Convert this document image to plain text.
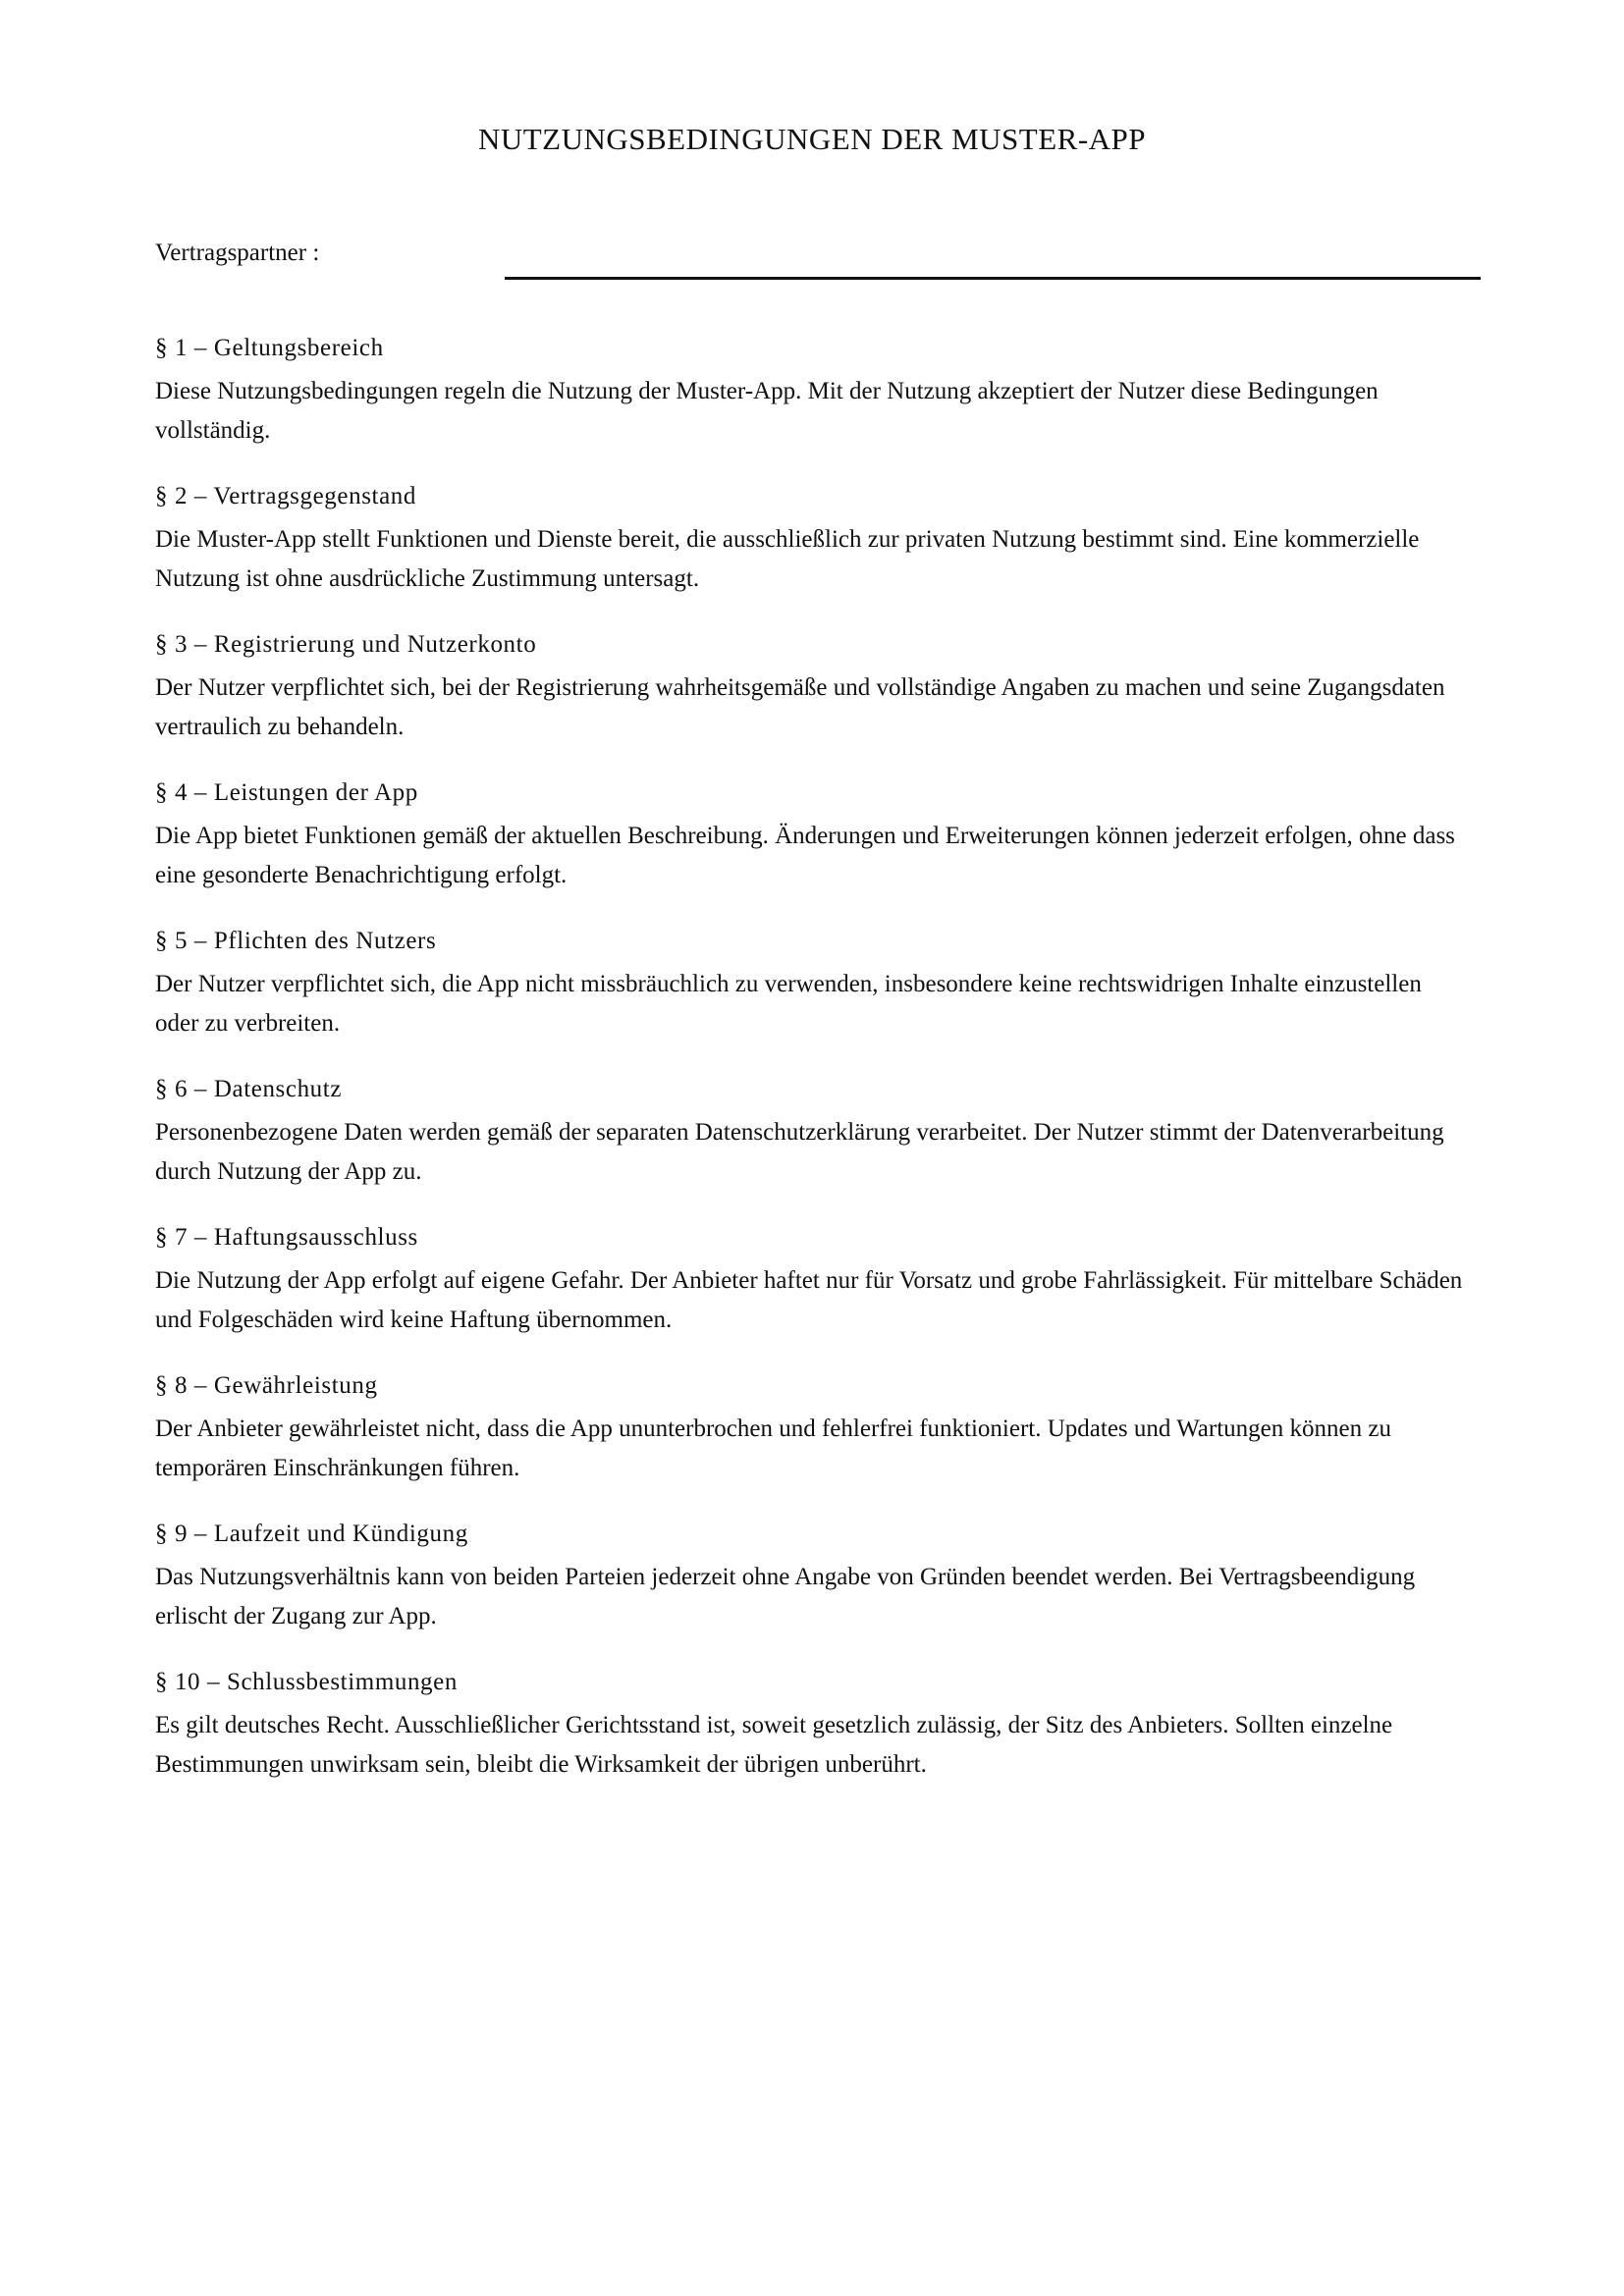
NUTZUNGSBEDINGUNGEN DER MUSTER-APP
Vertragspartner :

§ 1 – Geltungsbereich

Diese Nutzungsbedingungen regeln die Nutzung der Muster-App. Mit der Nutzung akzeptiert der Nutzer diese Bedingungen vollständig.

§ 2 – Vertragsgegenstand

Die Muster-App stellt Funktionen und Dienste bereit, die ausschließlich zur privaten Nutzung bestimmt sind. Eine kommerzielle Nutzung ist ohne ausdrückliche Zustimmung untersagt.

§ 3 – Registrierung und Nutzerkonto

Der Nutzer verpflichtet sich, bei der Registrierung wahrheitsgemäße und vollständige Angaben zu machen und seine Zugangsdaten vertraulich zu behandeln.

§ 4 – Leistungen der App

Die App bietet Funktionen gemäß der aktuellen Beschreibung. Änderungen und Erweiterungen können jederzeit erfolgen, ohne dass eine gesonderte Benachrichtigung erfolgt.

§ 5 – Pflichten des Nutzers

Der Nutzer verpflichtet sich, die App nicht missbräuchlich zu verwenden, insbesondere keine rechtswidrigen Inhalte einzustellen oder zu verbreiten.

§ 6 – Datenschutz

Personenbezogene Daten werden gemäß der separaten Datenschutzerklärung verarbeitet. Der Nutzer stimmt der Datenverarbeitung durch Nutzung der App zu.

§ 7 – Haftungsausschluss

Die Nutzung der App erfolgt auf eigene Gefahr. Der Anbieter haftet nur für Vorsatz und grobe Fahrlässigkeit. Für mittelbare Schäden und Folgeschäden wird keine Haftung übernommen.

§ 8 – Gewährleistung

Der Anbieter gewährleistet nicht, dass die App ununterbrochen und fehlerfrei funktioniert. Updates und Wartungen können zu temporären Einschränkungen führen.

§ 9 – Laufzeit und Kündigung

Das Nutzungsverhältnis kann von beiden Parteien jederzeit ohne Angabe von Gründen beendet werden. Bei Vertragsbeendigung erlischt der Zugang zur App.

§ 10 – Schlussbestimmungen

Es gilt deutsches Recht. Ausschließlicher Gerichtsstand ist, soweit gesetzlich zulässig, der Sitz des Anbieters. Sollten einzelne Bestimmungen unwirksam sein, bleibt die Wirksamkeit der übrigen unberührt.
